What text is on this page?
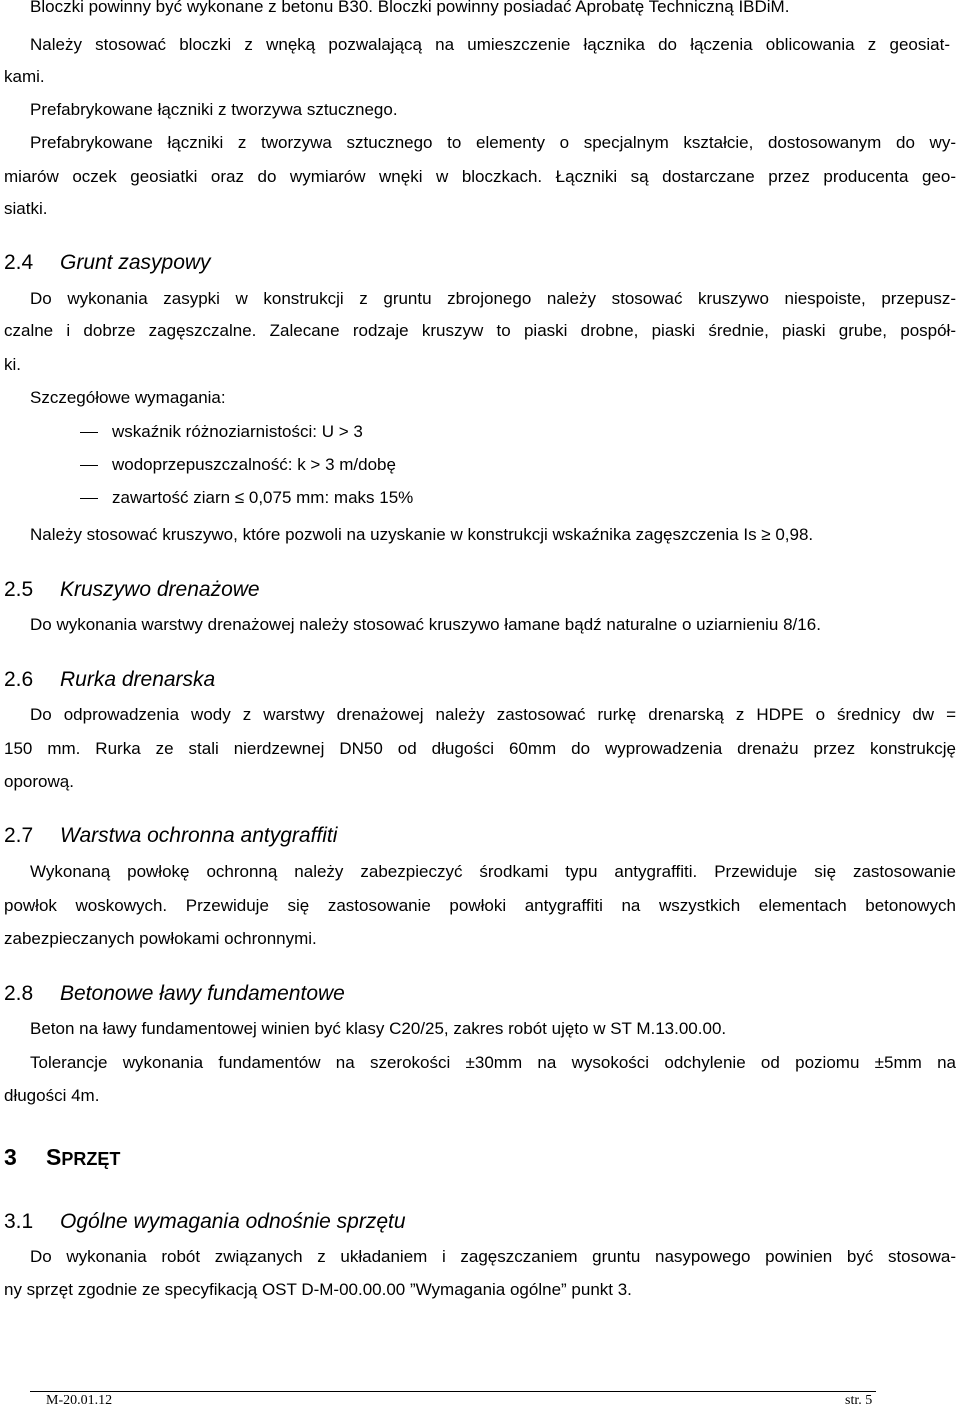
Bloczki powinny być wykonane z betonu B30. Bloczki powinny posiadać Aprobatę Techniczną IBDiM.
Należy stosować bloczki z wnęką pozwalającą na umieszczenie łącznika do łączenia oblicowania z geosiat-
kami.
Prefabrykowane łączniki z tworzywa sztucznego.
Prefabrykowane łączniki z tworzywa sztucznego to elementy o specjalnym kształcie, dostosowanym do wy-
miarów oczek geosiatki oraz do wymiarów wnęki w bloczkach. Łączniki są dostarczane przez producenta geo-
siatki.
2.4 Grunt zasypowy
Do wykonania zasypki w konstrukcji z gruntu zbrojonego należy stosować kruszywo niespoiste, przepusz-
czalne i dobrze zagęszczalne. Zalecane rodzaje kruszyw to piaski drobne, piaski średnie, piaski grube, pospół-
ki.
Szczegółowe wymagania:
wskaźnik różnoziarnistości: U > 3
wodoprzepuszczalność: k > 3 m/dobę
zawartość ziarn ≤ 0,075 mm: maks 15%
Należy stosować kruszywo, które pozwoli na uzyskanie w konstrukcji wskaźnika zagęszczenia Is ≥ 0,98.
2.5 Kruszywo drenażowe
Do wykonania warstwy drenażowej należy stosować kruszywo łamane bądź naturalne o uziarnieniu 8/16.
2.6 Rurka drenarska
Do odprowadzenia wody z warstwy drenażowej należy zastosować rurkę drenarską z HDPE o średnicy dw =
150 mm. Rurka ze stali nierdzewnej DN50 od długości 60mm do wyprowadzenia drenażu przez konstrukcję
oporową.
2.7 Warstwa ochronna antygraffiti
Wykonaną powłokę ochronną należy zabezpieczyć środkami typu antygraffiti. Przewiduje się zastosowanie
powłok woskowych. Przewiduje się zastosowanie powłoki antygraffiti na wszystkich elementach betonowych
zabezpieczanych powłokami ochronnymi.
2.8 Betonowe ławy fundamentowe
Beton na ławy fundamentowej winien być klasy C20/25, zakres robót ujęto w ST M.13.00.00.
Tolerancje wykonania fundamentów na szerokości ±30mm na wysokości odchylenie od poziomu ±5mm na
długości 4m.
3 SPRZĘT
3.1 Ogólne wymagania odnośnie sprzętu
Do wykonania robót związanych z układaniem i zagęszczaniem gruntu nasypowego powinien być stosowa-
ny sprzęt zgodnie ze specyfikacją OST D-M-00.00.00 ”Wymagania ogólne” punkt 3.
M-20.01.12	str. 5
